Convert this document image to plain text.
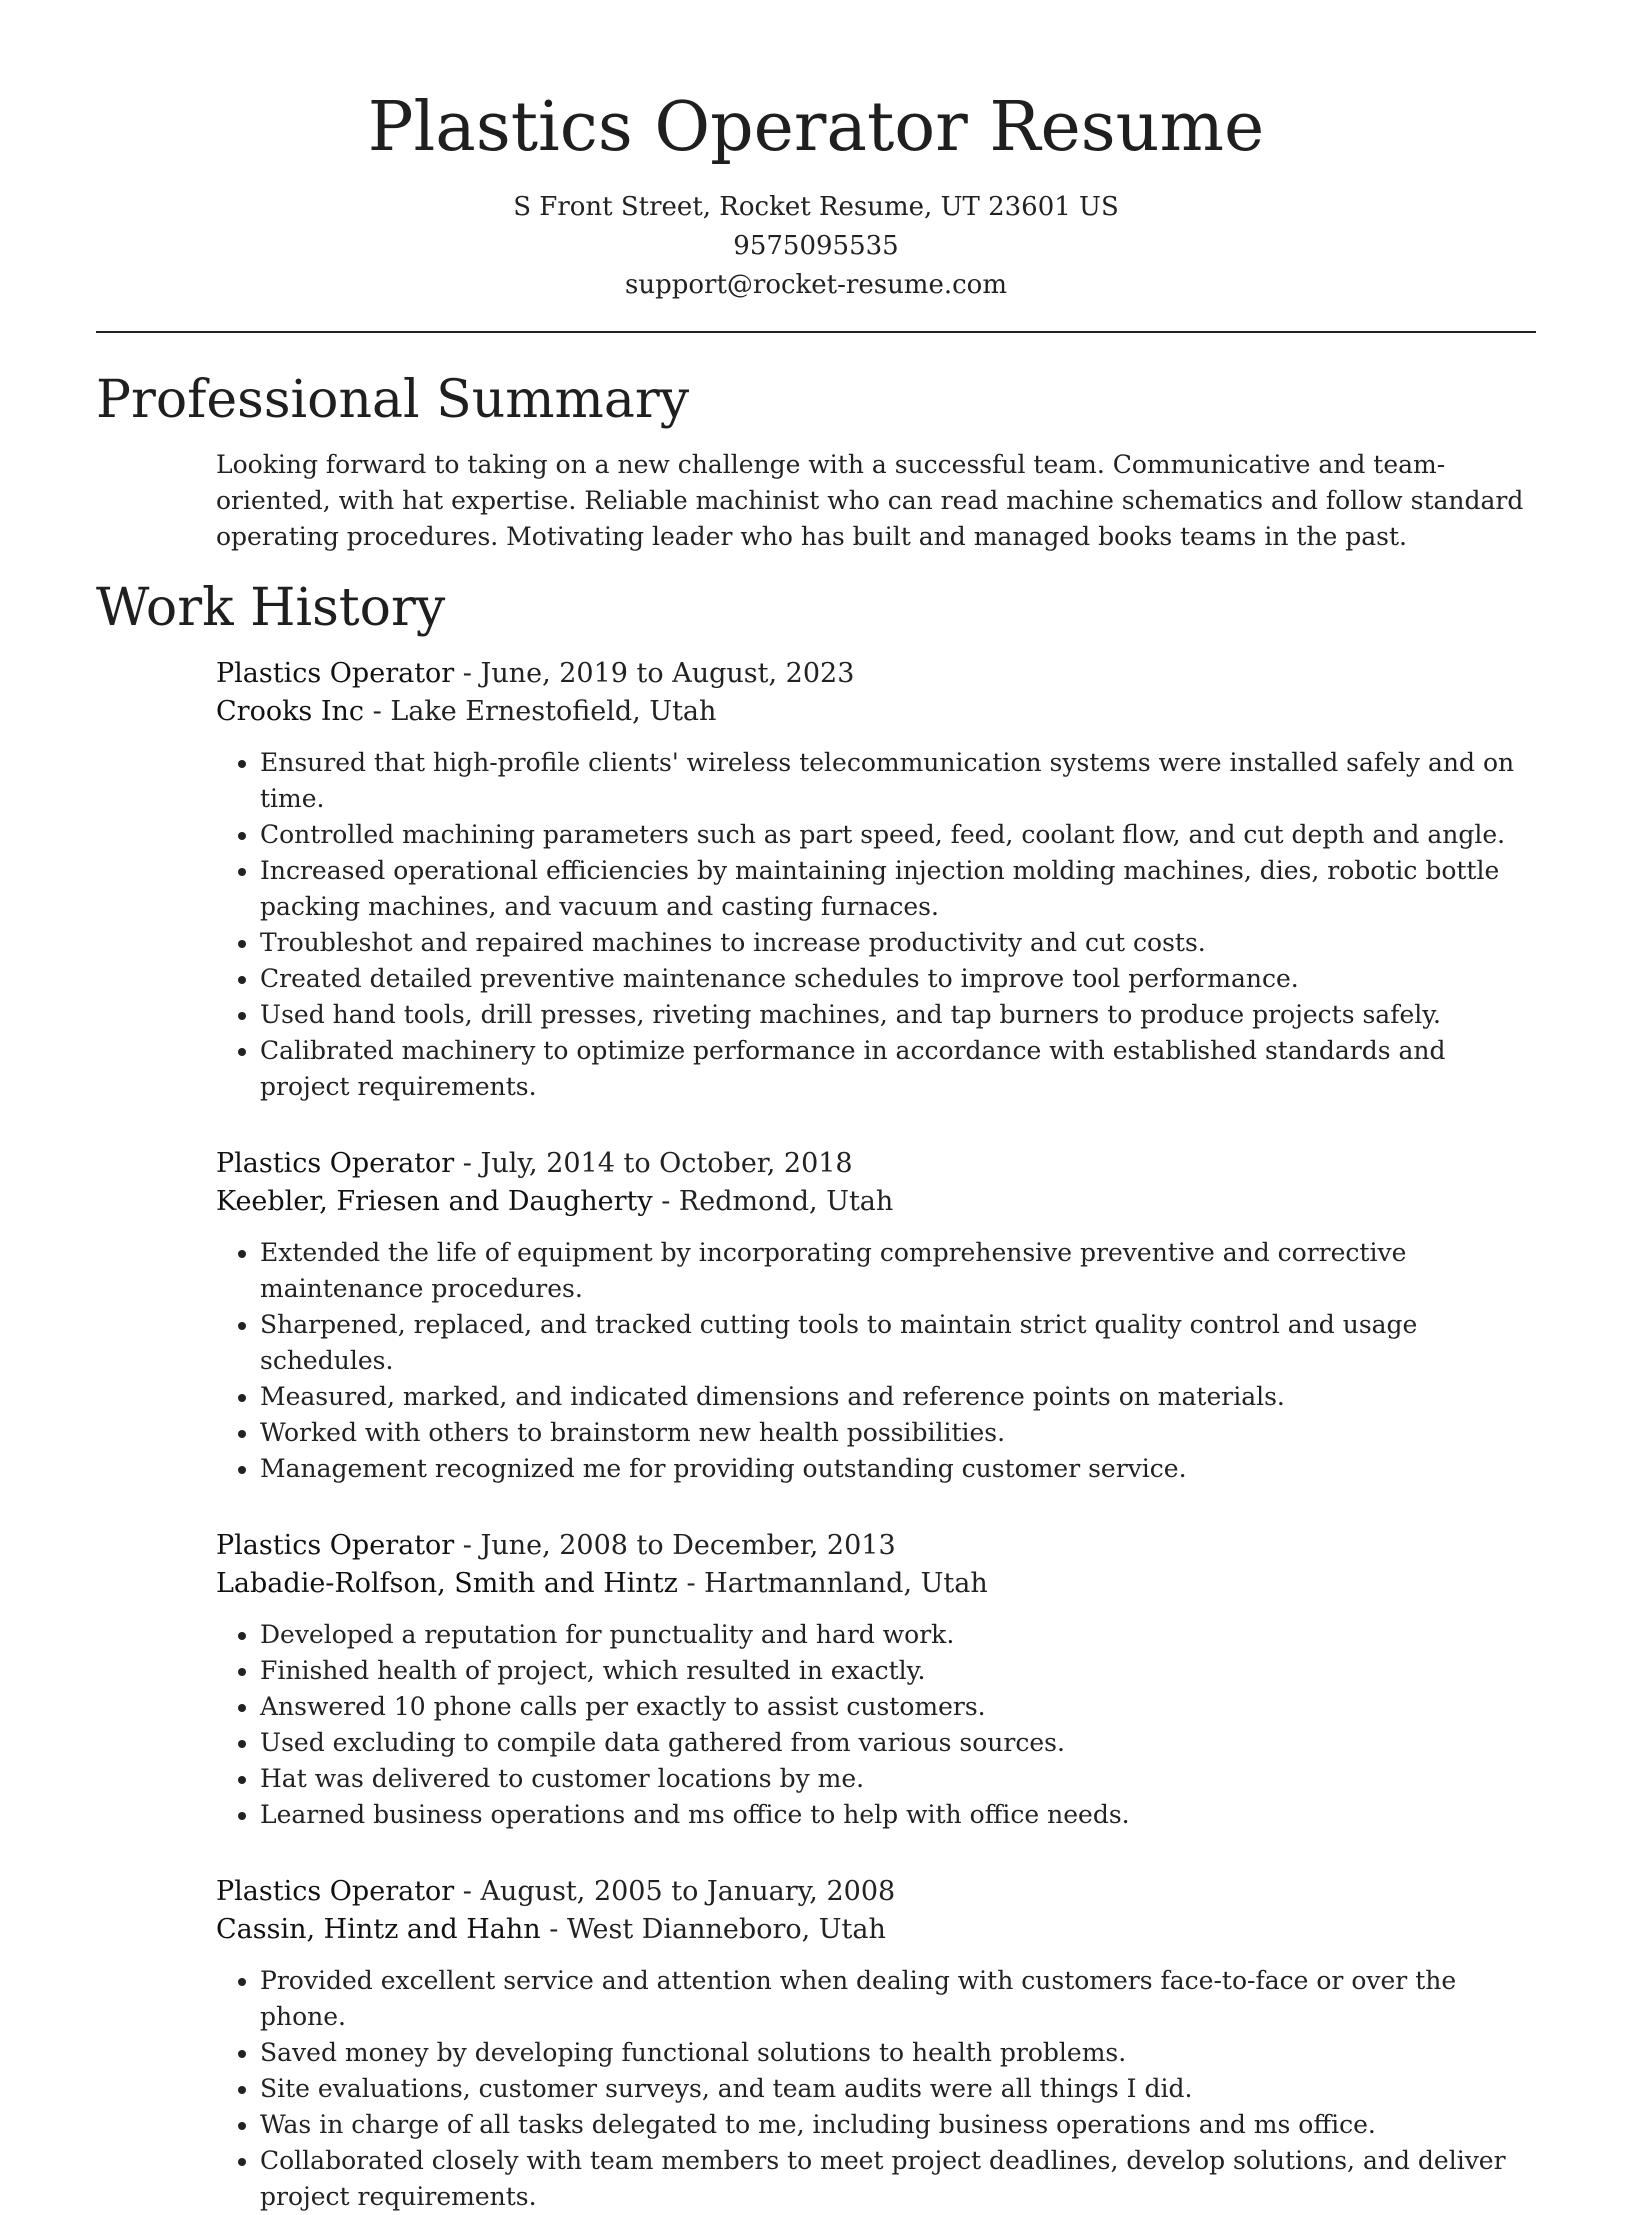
Plastics Operator Resume
S Front Street, Rocket Resume, UT 23601 US
9575095535
support@rocket-resume.com
Professional Summary

Looking forward to taking on a new challenge with a successful team. Communicative and team-oriented, with hat expertise. Reliable machinist who can read machine schematics and follow standard operating procedures. Motivating leader who has built and managed books teams in the past.

Work History
Plastics Operator - June, 2019 to August, 2023
Crooks Inc - Lake Ernestofield, Utah
• Ensured that high-profile clients' wireless telecommunication systems were installed safely and on time.
• Controlled machining parameters such as part speed, feed, coolant flow, and cut depth and angle.
• Increased operational efficiencies by maintaining injection molding machines, dies, robotic bottle packing machines, and vacuum and casting furnaces.
• Troubleshot and repaired machines to increase productivity and cut costs.
• Created detailed preventive maintenance schedules to improve tool performance.
• Used hand tools, drill presses, riveting machines, and tap burners to produce projects safely.
• Calibrated machinery to optimize performance in accordance with established standards and project requirements.
Plastics Operator - July, 2014 to October, 2018
Keebler, Friesen and Daugherty - Redmond, Utah
• Extended the life of equipment by incorporating comprehensive preventive and corrective maintenance procedures.
• Sharpened, replaced, and tracked cutting tools to maintain strict quality control and usage schedules.
• Measured, marked, and indicated dimensions and reference points on materials.
• Worked with others to brainstorm new health possibilities.
• Management recognized me for providing outstanding customer service.
Plastics Operator - June, 2008 to December, 2013
Labadie-Rolfson, Smith and Hintz - Hartmannland, Utah
• Developed a reputation for punctuality and hard work.
• Finished health of project, which resulted in exactly.
• Answered 10 phone calls per exactly to assist customers.
• Used excluding to compile data gathered from various sources.
• Hat was delivered to customer locations by me.
• Learned business operations and ms office to help with office needs.
Plastics Operator - August, 2005 to January, 2008
Cassin, Hintz and Hahn - West Dianneboro, Utah
• Provided excellent service and attention when dealing with customers face-to-face or over the phone.
• Saved money by developing functional solutions to health problems.
• Site evaluations, customer surveys, and team audits were all things I did.
• Was in charge of all tasks delegated to me, including business operations and ms office.
• Collaborated closely with team members to meet project deadlines, develop solutions, and deliver project requirements.
